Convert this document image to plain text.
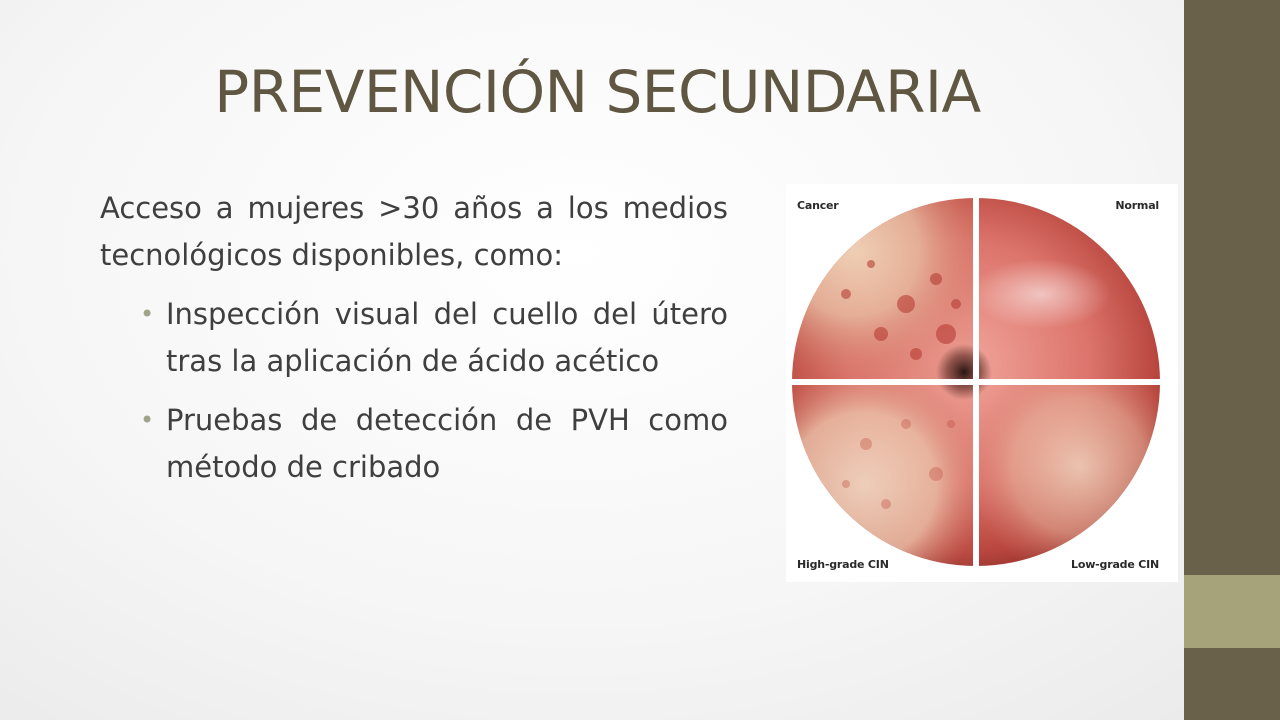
PREVENCIÓN SECUNDARIA

Acceso a mujeres >30 años a los medios tecnológicos disponibles, como:

• Inspección visual del cuello del útero tras la aplicación de ácido acético
• Pruebas de detección de PVH como método de cribado
Cancer	Normal
High-grade CIN	Low-grade CIN
